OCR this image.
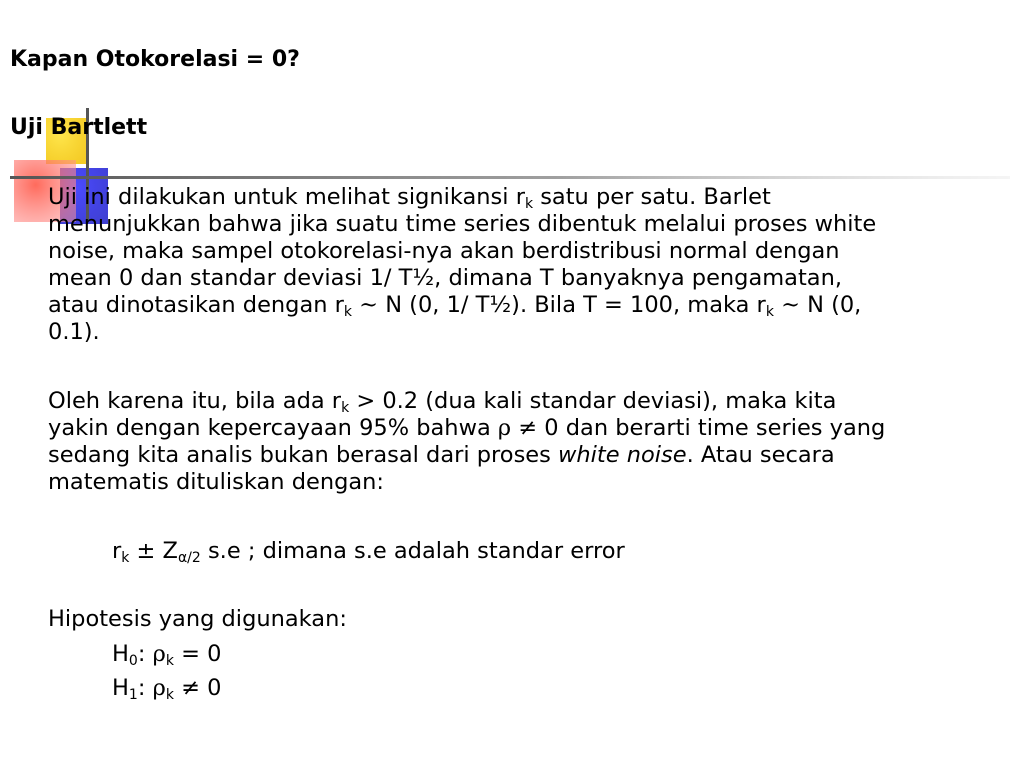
Kapan Otokorelasi = 0?
Uji Bartlett
Uji ini dilakukan untuk melihat signikansi $r_k$ satu per satu. Barlet
menunjukkan bahwa jika suatu time series dibentuk melalui proses white
noise, maka sampel otokorelasi-nya akan berdistribusi normal dengan
mean 0 dan standar deviasi 1/ T½, dimana T banyaknya pengamatan,
atau dinotasikan dengan $r_k$ ~ N (0, 1/ T½). Bila T = 100, maka $r_k$ ~ N (0,
0.1).
Oleh karena itu, bila ada $r_k > 0.2$ (dua kali standar deviasi), maka kita
yakin dengan kepercayaan 95% bahwa ρ ≠ 0 dan berarti time series yang
sedang kita analis bukan berasal dari proses white noise. Atau secara
matematis dituliskan dengan:
$r_k \pm Z_{\alpha/2}$ s.e ; dimana s.e adalah standar error
Hipotesis yang digunakan:
$H_0$: $\rho_k = 0$
$H_1$: $\rho_k \ne 0$
